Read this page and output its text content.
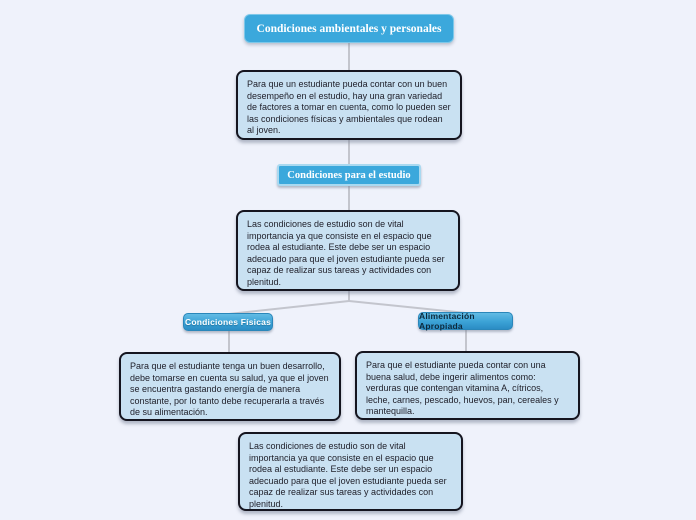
Condiciones ambientales y personales
Para que un estudiante pueda contar con un buen desempeño en el estudio, hay una gran variedad de factores a tomar en cuenta, como lo pueden ser las condiciones físicas y ambientales que rodean al joven.
Condiciones para el estudio
Las condiciones de estudio son de vital importancia ya que consiste en el espacio que rodea al estudiante. Este debe ser un espacio adecuado para que el joven estudiante pueda ser capaz de realizar sus tareas y actividades con plenitud.
Condiciones Físicas
Alimentación Apropiada
Para que el estudiante tenga un buen desarrollo, debe tomarse en cuenta su salud, ya que el joven se encuentra gastando energía de manera constante, por lo tanto debe recuperarla a través de su alimentación.
Para que el estudiante pueda contar con una buena salud, debe ingerir alimentos como: verduras que contengan vitamina A, cítricos, leche, carnes, pescado, huevos, pan, cereales y mantequilla.
Las condiciones de estudio son de vital importancia ya que consiste en el espacio que rodea al estudiante. Este debe ser un espacio adecuado para que el joven estudiante pueda ser capaz de realizar sus tareas y actividades con plenitud.
